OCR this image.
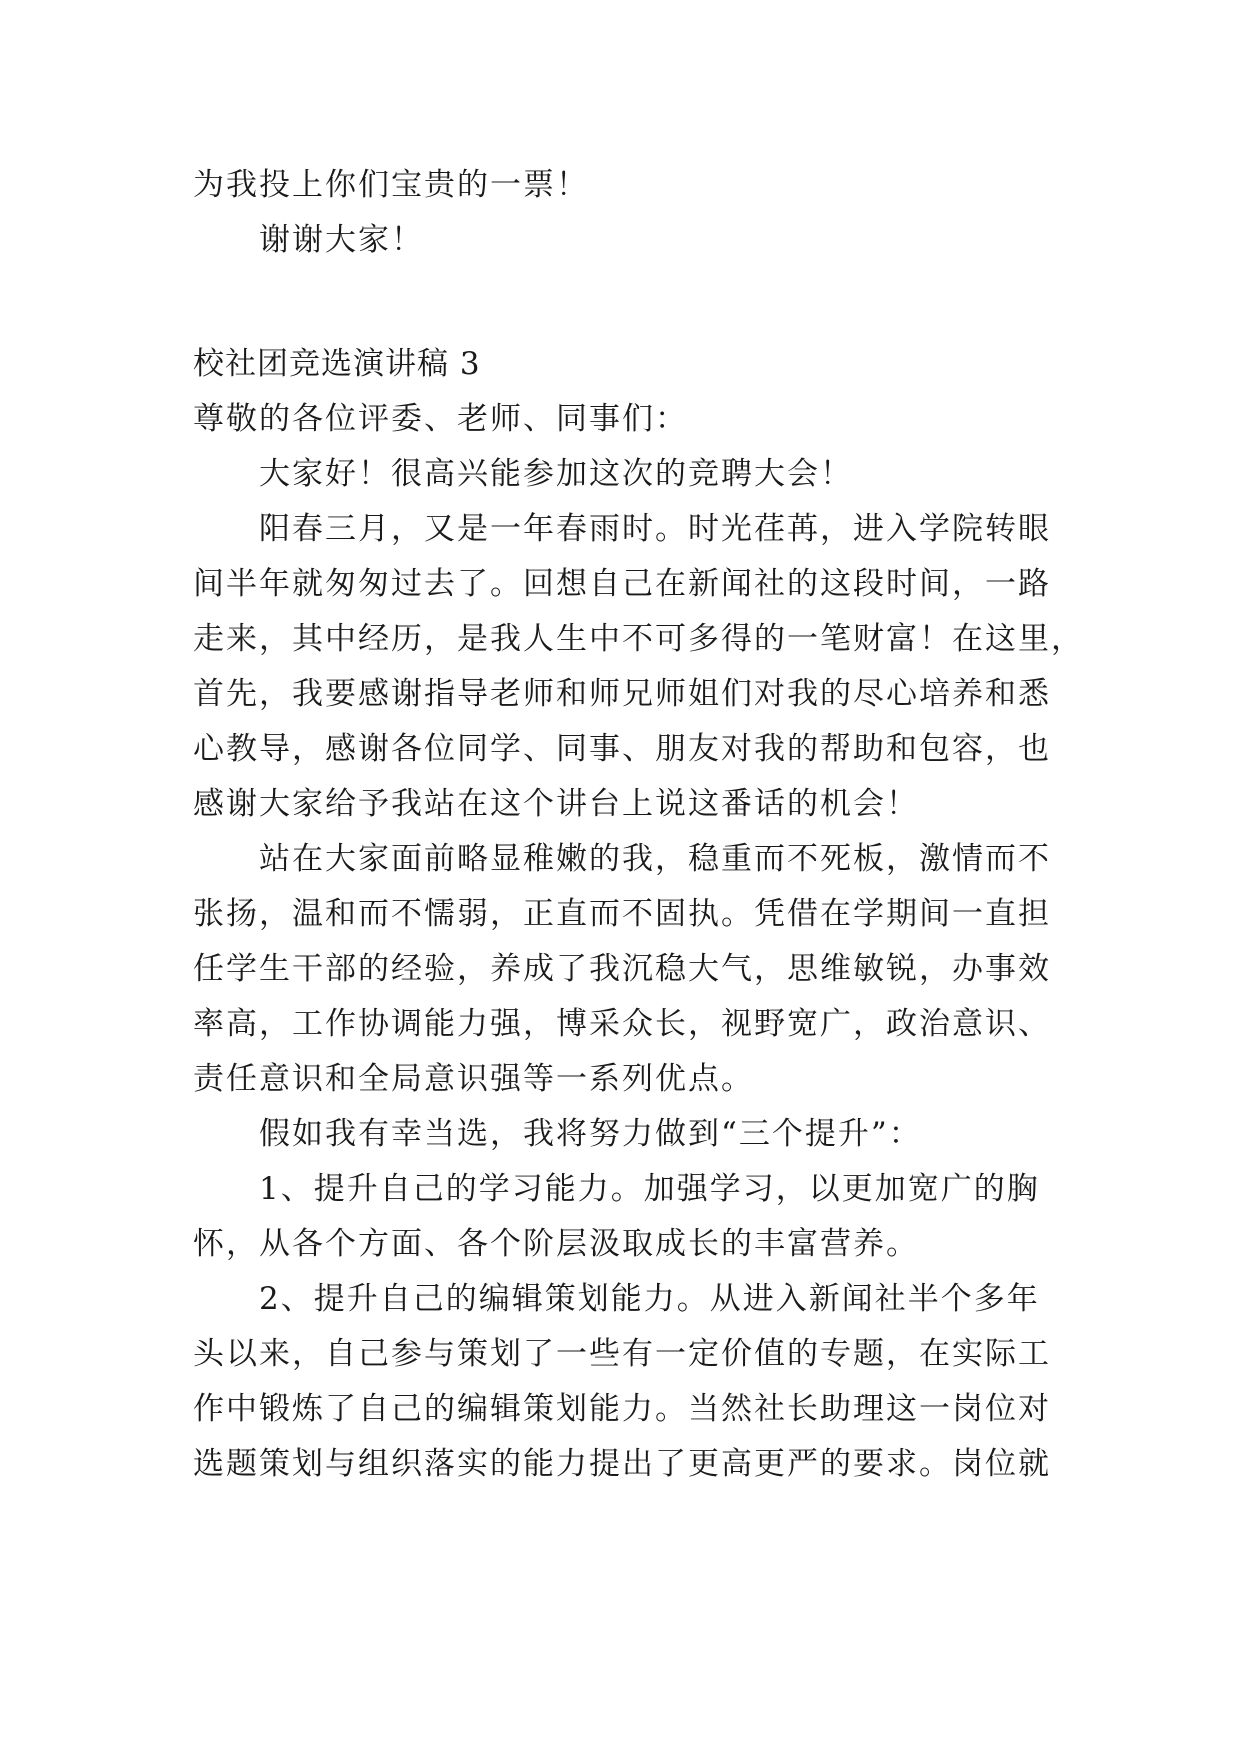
为我投上你们宝贵的一票！
谢谢大家！
校社团竞选演讲稿 3
尊敬的各位评委、老师、同事们：
大家好！很高兴能参加这次的竞聘大会！
阳春三月，又是一年春雨时。时光荏苒，进入学院转眼
间半年就匆匆过去了。回想自己在新闻社的这段时间，一路
走来，其中经历，是我人生中不可多得的一笔财富！在这里，
首先，我要感谢指导老师和师兄师姐们对我的尽心培养和悉
心教导，感谢各位同学、同事、朋友对我的帮助和包容，也
感谢大家给予我站在这个讲台上说这番话的机会！
站在大家面前略显稚嫩的我，稳重而不死板，激情而不
张扬，温和而不懦弱，正直而不固执。凭借在学期间一直担
任学生干部的经验，养成了我沉稳大气，思维敏锐，办事效
率高，工作协调能力强，博采众长，视野宽广，政治意识、
责任意识和全局意识强等一系列优点。
假如我有幸当选，我将努力做到“三个提升”：
1、提升自己的学习能力。加强学习，以更加宽广的胸
怀，从各个方面、各个阶层汲取成长的丰富营养。
2、提升自己的编辑策划能力。从进入新闻社半个多年
头以来，自己参与策划了一些有一定价值的专题，在实际工
作中锻炼了自己的编辑策划能力。当然社长助理这一岗位对
选题策划与组织落实的能力提出了更高更严的要求。岗位就
